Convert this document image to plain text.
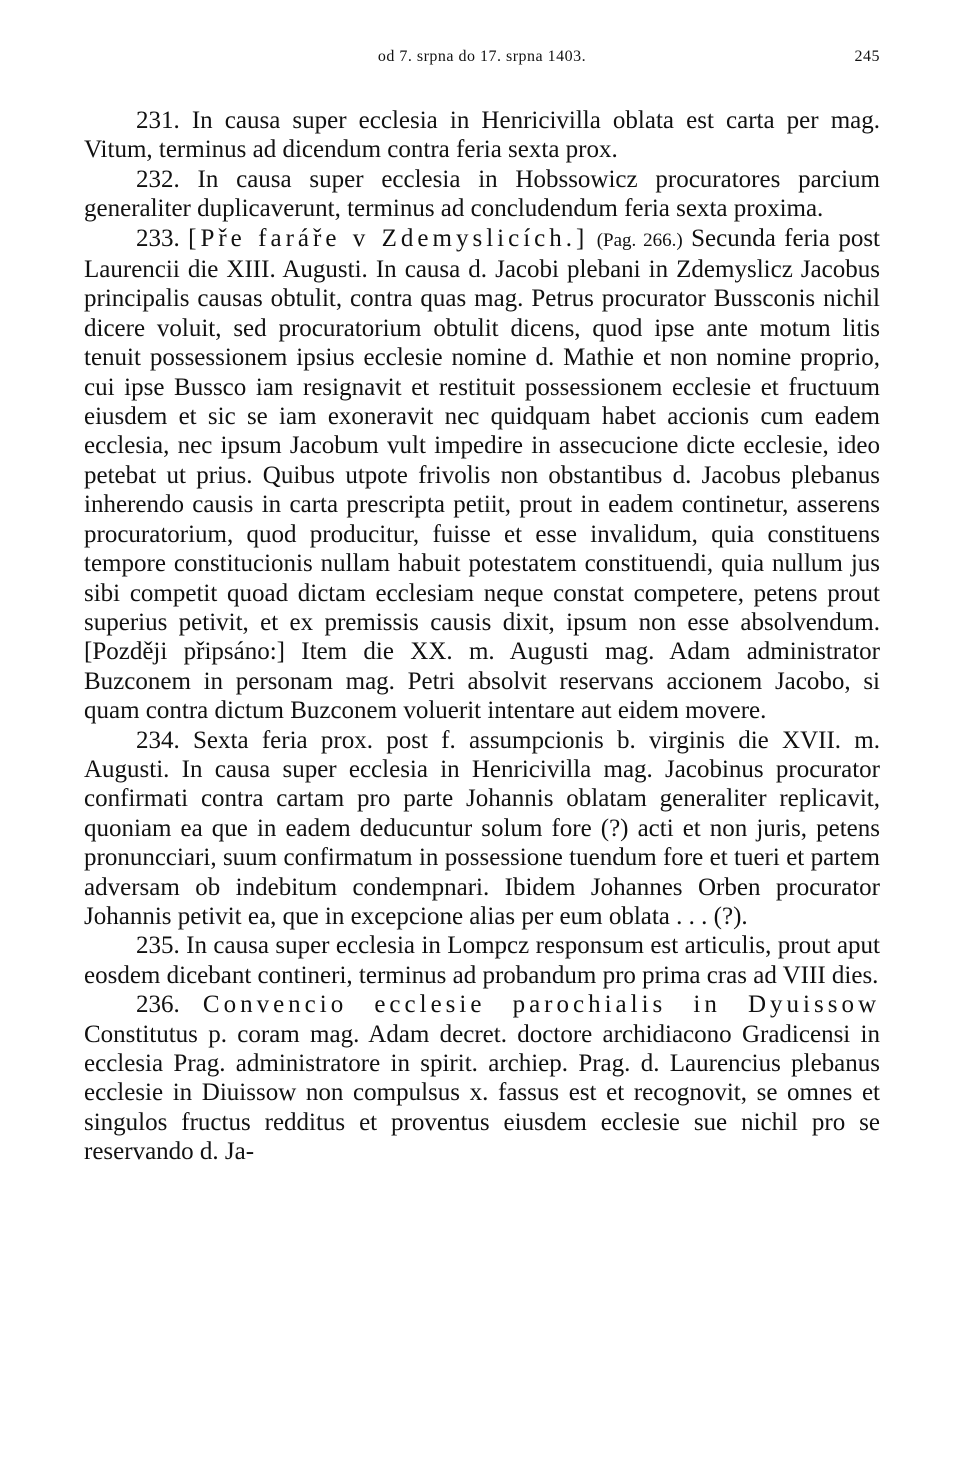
od 7. srpna do 17. srpna 1403.	245

231. In causa super ecclesia in Henricivilla oblata est carta per mag. Vitum, terminus ad dicendum contra feria sexta prox.

232. In causa super ecclesia in Hobssowicz procuratores parcium generaliter duplicaverunt, terminus ad concludendum feria sexta proxima.

233. [Pře faráře v Zdemyslicích.] (Pag. 266.) Secunda feria post Laurencii die XIII. Augusti. In causa d. Jacobi plebani in Zdemyslicz Jacobus principalis causas obtulit, contra quas mag. Petrus procurator Bussconis nichil dicere voluit, sed procuratorium obtulit dicens, quod ipse ante motum litis tenuit possessionem ipsius ecclesie nomine d. Mathie et non nomine proprio, cui ipse Bussco iam resignavit et restituit possessionem ecclesie et fructuum eiusdem et sic se iam exoneravit nec quidquam habet accionis cum eadem ecclesia, nec ipsum Jacobum vult impedire in assecucione dicte ecclesie, ideo petebat ut prius. Quibus utpote frivolis non obstantibus d. Jacobus plebanus inherendo causis in carta prescripta petiit, prout in eadem continetur, asserens procuratorium, quod producitur, fuisse et esse invalidum, quia constituens tempore constitucionis nullam habuit potestatem constituendi, quia nullum jus sibi competit quoad dictam ecclesiam neque constat competere, petens prout superius petivit, et ex premissis causis dixit, ipsum non esse absolvendum. [Později připsáno:] Item die XX. m. Augusti mag. Adam administrator Buzconem in personam mag. Petri absolvit reservans accionem Jacobo, si quam contra dictum Buzconem voluerit intentare aut eidem movere.

234. Sexta feria prox. post f. assumpcionis b. virginis die XVII. m. Augusti. In causa super ecclesia in Henricivilla mag. Jacobinus procurator confirmati contra cartam pro parte Johannis oblatam generaliter replicavit, quoniam ea que in eadem deducuntur solum fore (?) acti et non juris, petens pronuncciari, suum confirmatum in possessione tuendum fore et tueri et partem adversam ob indebitum condempnari. Ibidem Johannes Orben procurator Johannis petivit ea, que in excepcione alias per eum oblata . . . (?).

235. In causa super ecclesia in Lompcz responsum est articulis, prout aput eosdem dicebant contineri, terminus ad probandum pro prima cras ad VIII dies.

236. Convencio ecclesie parochialis in Dyuissow Constitutus p. coram mag. Adam decret. doctore archidiacono Gradicensi in ecclesia Prag. administratore in spirit. archiep. Prag. d. Laurencius plebanus ecclesie in Diuissow non compulsus x. fassus est et recognovit, se omnes et singulos fructus redditus et proventus eiusdem ecclesie sue nichil pro se reservando d. Ja-
